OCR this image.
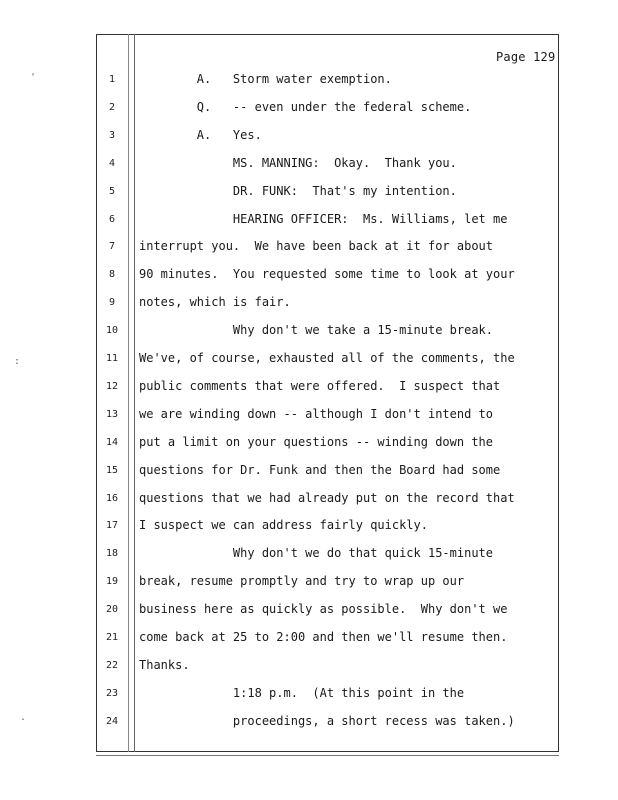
'
:
.
Page 129
1	A.   Storm water exemption.
2	Q.   -- even under the federal scheme.
3	A.   Yes.
4	MS. MANNING:  Okay.  Thank you.
5	DR. FUNK:  That's my intention.
6	HEARING OFFICER:  Ms. Williams, let me
7	interrupt you.  We have been back at it for about
8	90 minutes.  You requested some time to look at your
9	notes, which is fair.
10	Why don't we take a 15-minute break.
11	We've, of course, exhausted all of the comments, the
12	public comments that were offered.  I suspect that
13	we are winding down -- although I don't intend to
14	put a limit on your questions -- winding down the
15	questions for Dr. Funk and then the Board had some
16	questions that we had already put on the record that
17	I suspect we can address fairly quickly.
18	Why don't we do that quick 15-minute
19	break, resume promptly and try to wrap up our
20	business here as quickly as possible.  Why don't we
21	come back at 25 to 2:00 and then we'll resume then.
22	Thanks.
23	1:18 p.m.  (At this point in the
24	proceedings, a short recess was taken.)
